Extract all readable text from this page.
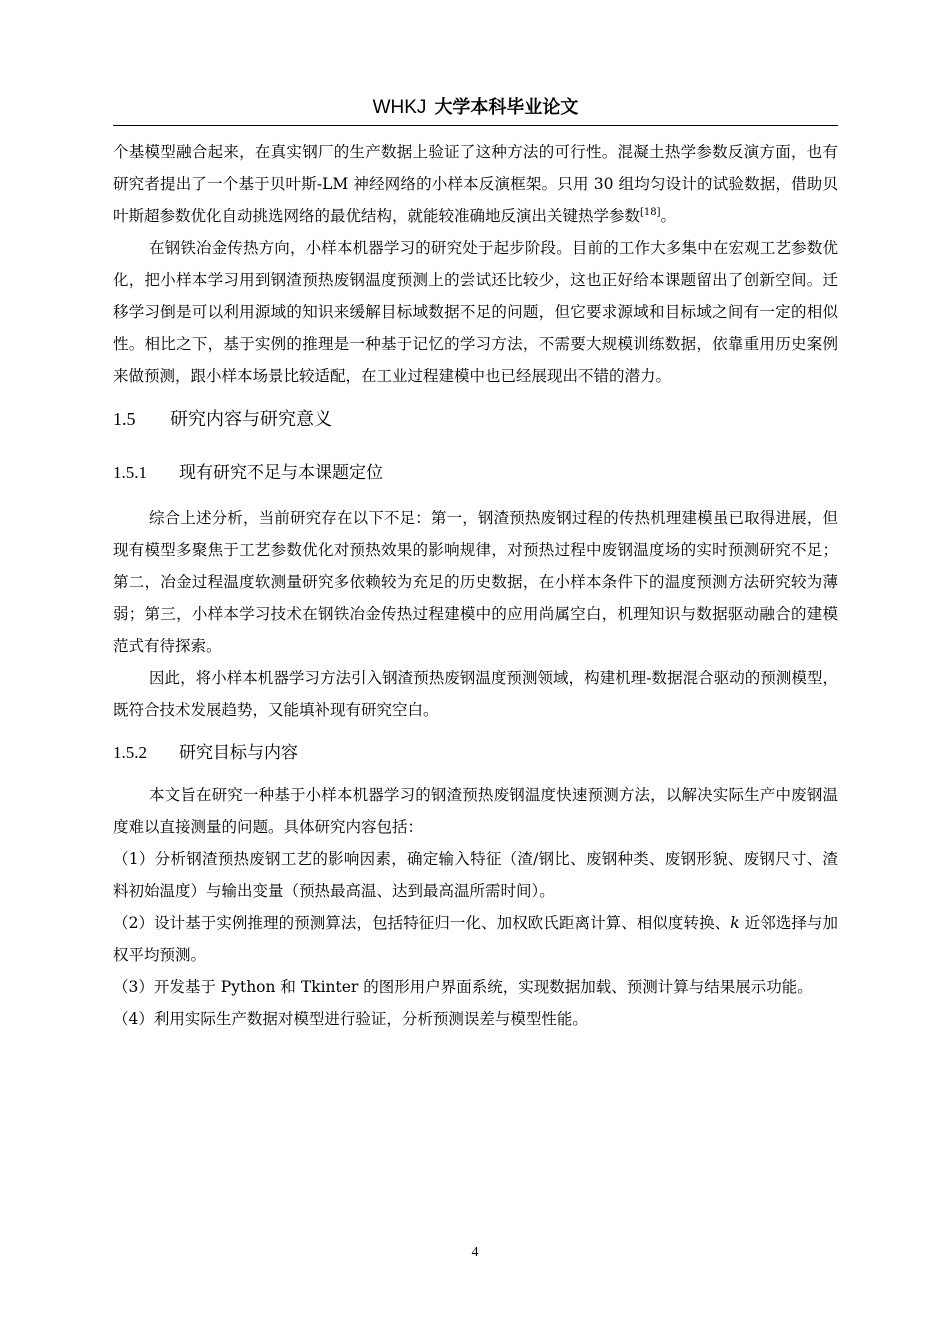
WHKJ 大学本科毕业论文

个基模型融合起来，在真实钢厂的生产数据上验证了这种方法的可行性。混凝土热学参数反演方面，也有研究者提出了一个基于贝叶斯-LM 神经网络的小样本反演框架。只用 30 组均匀设计的试验数据，借助贝叶斯超参数优化自动挑选网络的最优结构，就能较准确地反演出关键热学参数[18]。

在钢铁冶金传热方向，小样本机器学习的研究处于起步阶段。目前的工作大多集中在宏观工艺参数优化，把小样本学习用到钢渣预热废钢温度预测上的尝试还比较少，这也正好给本课题留出了创新空间。迁移学习倒是可以利用源域的知识来缓解目标域数据不足的问题，但它要求源域和目标域之间有一定的相似性。相比之下，基于实例的推理是一种基于记忆的学习方法，不需要大规模训练数据，依靠重用历史案例来做预测，跟小样本场景比较适配，在工业过程建模中也已经展现出不错的潜力。

1.5 研究内容与研究意义

1.5.1 现有研究不足与本课题定位

综合上述分析，当前研究存在以下不足：第一，钢渣预热废钢过程的传热机理建模虽已取得进展，但现有模型多聚焦于工艺参数优化对预热效果的影响规律，对预热过程中废钢温度场的实时预测研究不足；第二，冶金过程温度软测量研究多依赖较为充足的历史数据，在小样本条件下的温度预测方法研究较为薄弱；第三，小样本学习技术在钢铁冶金传热过程建模中的应用尚属空白，机理知识与数据驱动融合的建模范式有待探索。

因此，将小样本机器学习方法引入钢渣预热废钢温度预测领域，构建机理-数据混合驱动的预测模型，既符合技术发展趋势，又能填补现有研究空白。

1.5.2 研究目标与内容

本文旨在研究一种基于小样本机器学习的钢渣预热废钢温度快速预测方法，以解决实际生产中废钢温度难以直接测量的问题。具体研究内容包括：

（1）分析钢渣预热废钢工艺的影响因素，确定输入特征（渣/钢比、废钢种类、废钢形貌、废钢尺寸、渣料初始温度）与输出变量（预热最高温、达到最高温所需时间）。

（2）设计基于实例推理的预测算法，包括特征归一化、加权欧氏距离计算、相似度转换、k 近邻选择与加权平均预测。

（3）开发基于 Python 和 Tkinter 的图形用户界面系统，实现数据加载、预测计算与结果展示功能。

（4）利用实际生产数据对模型进行验证，分析预测误差与模型性能。

4
